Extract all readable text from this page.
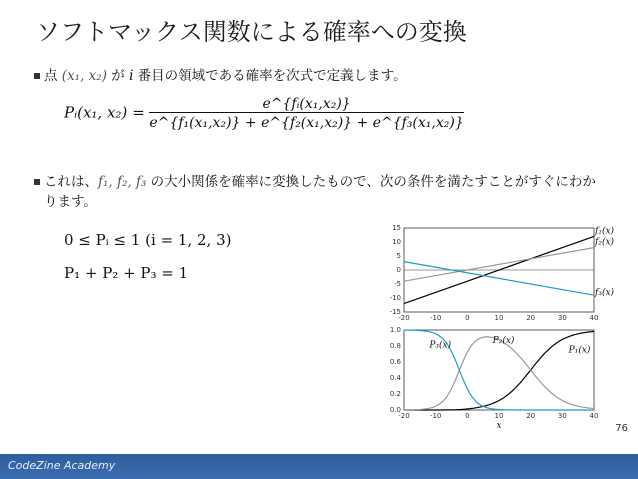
ソフトマックス関数による確率への変換
点 (x₁, x₂) が i 番目の領域である確率を次式で定義します。
Pᵢ(x₁, $x_2) = \frac{\text{e\textasciicircum{}\{fᵢ(x₁,x₂)\}}}{\text{e\textasciicircum{}\{f₁(x₁,x₂)\} + e\textasciicircum{}\{f₂(x₁,x₂)\} + e\textasciicircum{}\{f₃(x₁,x₂)\}}}$
これは、f₁, f₂, f₃ の大小関係を確率に変換したもので、次の条件を満たすことがすぐにわかります。
0 ≤ Pᵢ ≤ 1 (i = 1, 2, 3)
P₁ + P₂ + P₃ = 1
-20	-10	0	10	20	30	40
15
10
5
0
-5
-10
-15
f₁(x)
f₂(x)
f₃(x)
-20	-10	0	10	20	30	40
1.0
0.8
0.6
0.4
0.2
0.0
x
P₁(x)
P₂(x)
P₃(x)
76
CodeZine Academy
